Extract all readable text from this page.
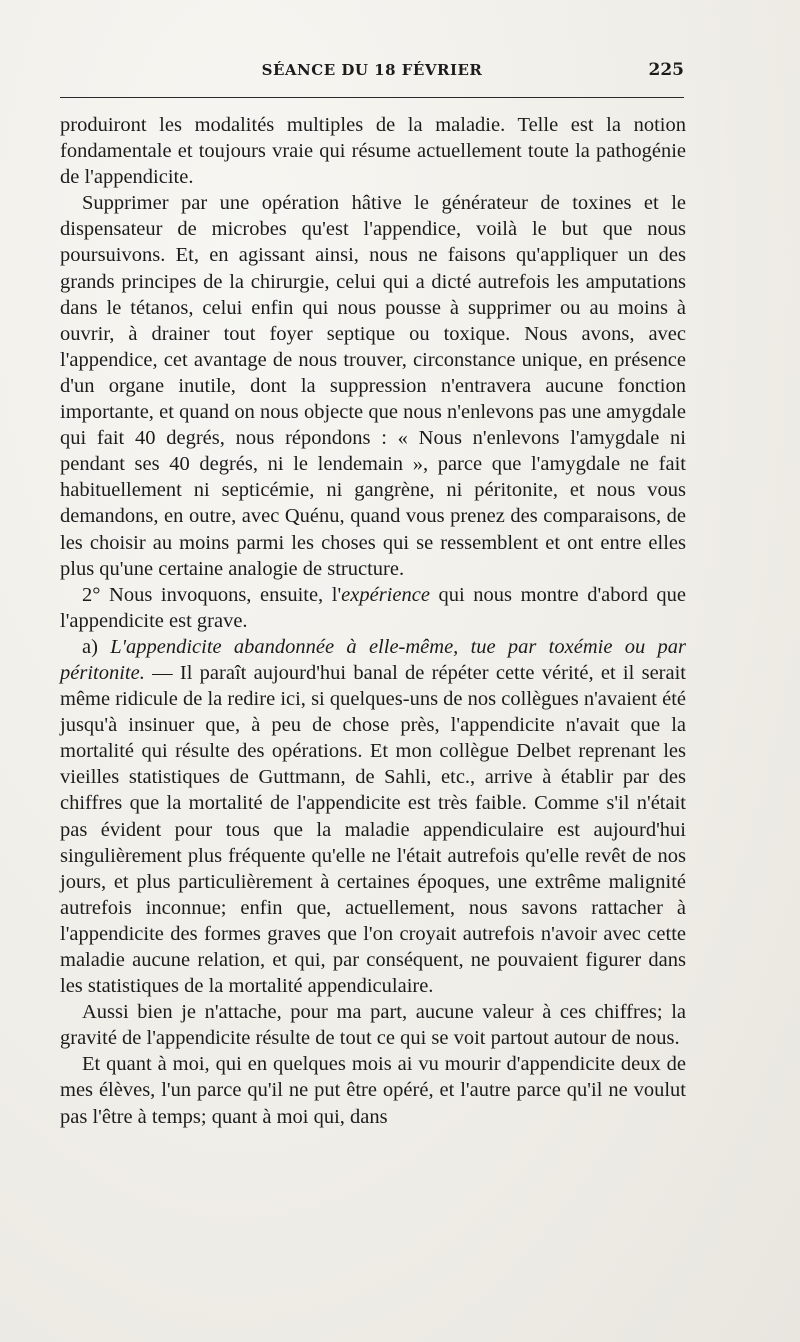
SÉANCE DU 18 FÉVRIER	225

produiront les modalités multiples de la maladie. Telle est la notion fondamentale et toujours vraie qui résume actuellement toute la pathogénie de l'appendicite.

Supprimer par une opération hâtive le générateur de toxines et le dispensateur de microbes qu'est l'appendice, voilà le but que nous poursuivons. Et, en agissant ainsi, nous ne faisons qu'appliquer un des grands principes de la chirurgie, celui qui a dicté autrefois les amputations dans le tétanos, celui enfin qui nous pousse à supprimer ou au moins à ouvrir, à drainer tout foyer septique ou toxique. Nous avons, avec l'appendice, cet avantage de nous trouver, circonstance unique, en présence d'un organe inutile, dont la suppression n'entravera aucune fonction importante, et quand on nous objecte que nous n'enlevons pas une amygdale qui fait 40 degrés, nous répondons : « Nous n'enlevons l'amygdale ni pendant ses 40 degrés, ni le lendemain », parce que l'amygdale ne fait habituellement ni septicémie, ni gangrène, ni péritonite, et nous vous demandons, en outre, avec Quénu, quand vous prenez des comparaisons, de les choisir au moins parmi les choses qui se ressemblent et ont entre elles plus qu'une certaine analogie de structure.

2° Nous invoquons, ensuite, l'expérience qui nous montre d'abord que l'appendicite est grave.

a) L'appendicite abandonnée à elle-même, tue par toxémie ou par péritonite. — Il paraît aujourd'hui banal de répéter cette vérité, et il serait même ridicule de la redire ici, si quelques-uns de nos collègues n'avaient été jusqu'à insinuer que, à peu de chose près, l'appendicite n'avait que la mortalité qui résulte des opérations. Et mon collègue Delbet reprenant les vieilles statistiques de Guttmann, de Sahli, etc., arrive à établir par des chiffres que la mortalité de l'appendicite est très faible. Comme s'il n'était pas évident pour tous que la maladie appendiculaire est aujourd'hui singulièrement plus fréquente qu'elle ne l'était autrefois qu'elle revêt de nos jours, et plus particulièrement à certaines époques, une extrême malignité autrefois inconnue; enfin que, actuellement, nous savons rattacher à l'appendicite des formes graves que l'on croyait autrefois n'avoir avec cette maladie aucune relation, et qui, par conséquent, ne pouvaient figurer dans les statistiques de la mortalité appendiculaire.

Aussi bien je n'attache, pour ma part, aucune valeur à ces chiffres; la gravité de l'appendicite résulte de tout ce qui se voit partout autour de nous.

Et quant à moi, qui en quelques mois ai vu mourir d'appendicite deux de mes élèves, l'un parce qu'il ne put être opéré, et l'autre parce qu'il ne voulut pas l'être à temps; quant à moi qui, dans
